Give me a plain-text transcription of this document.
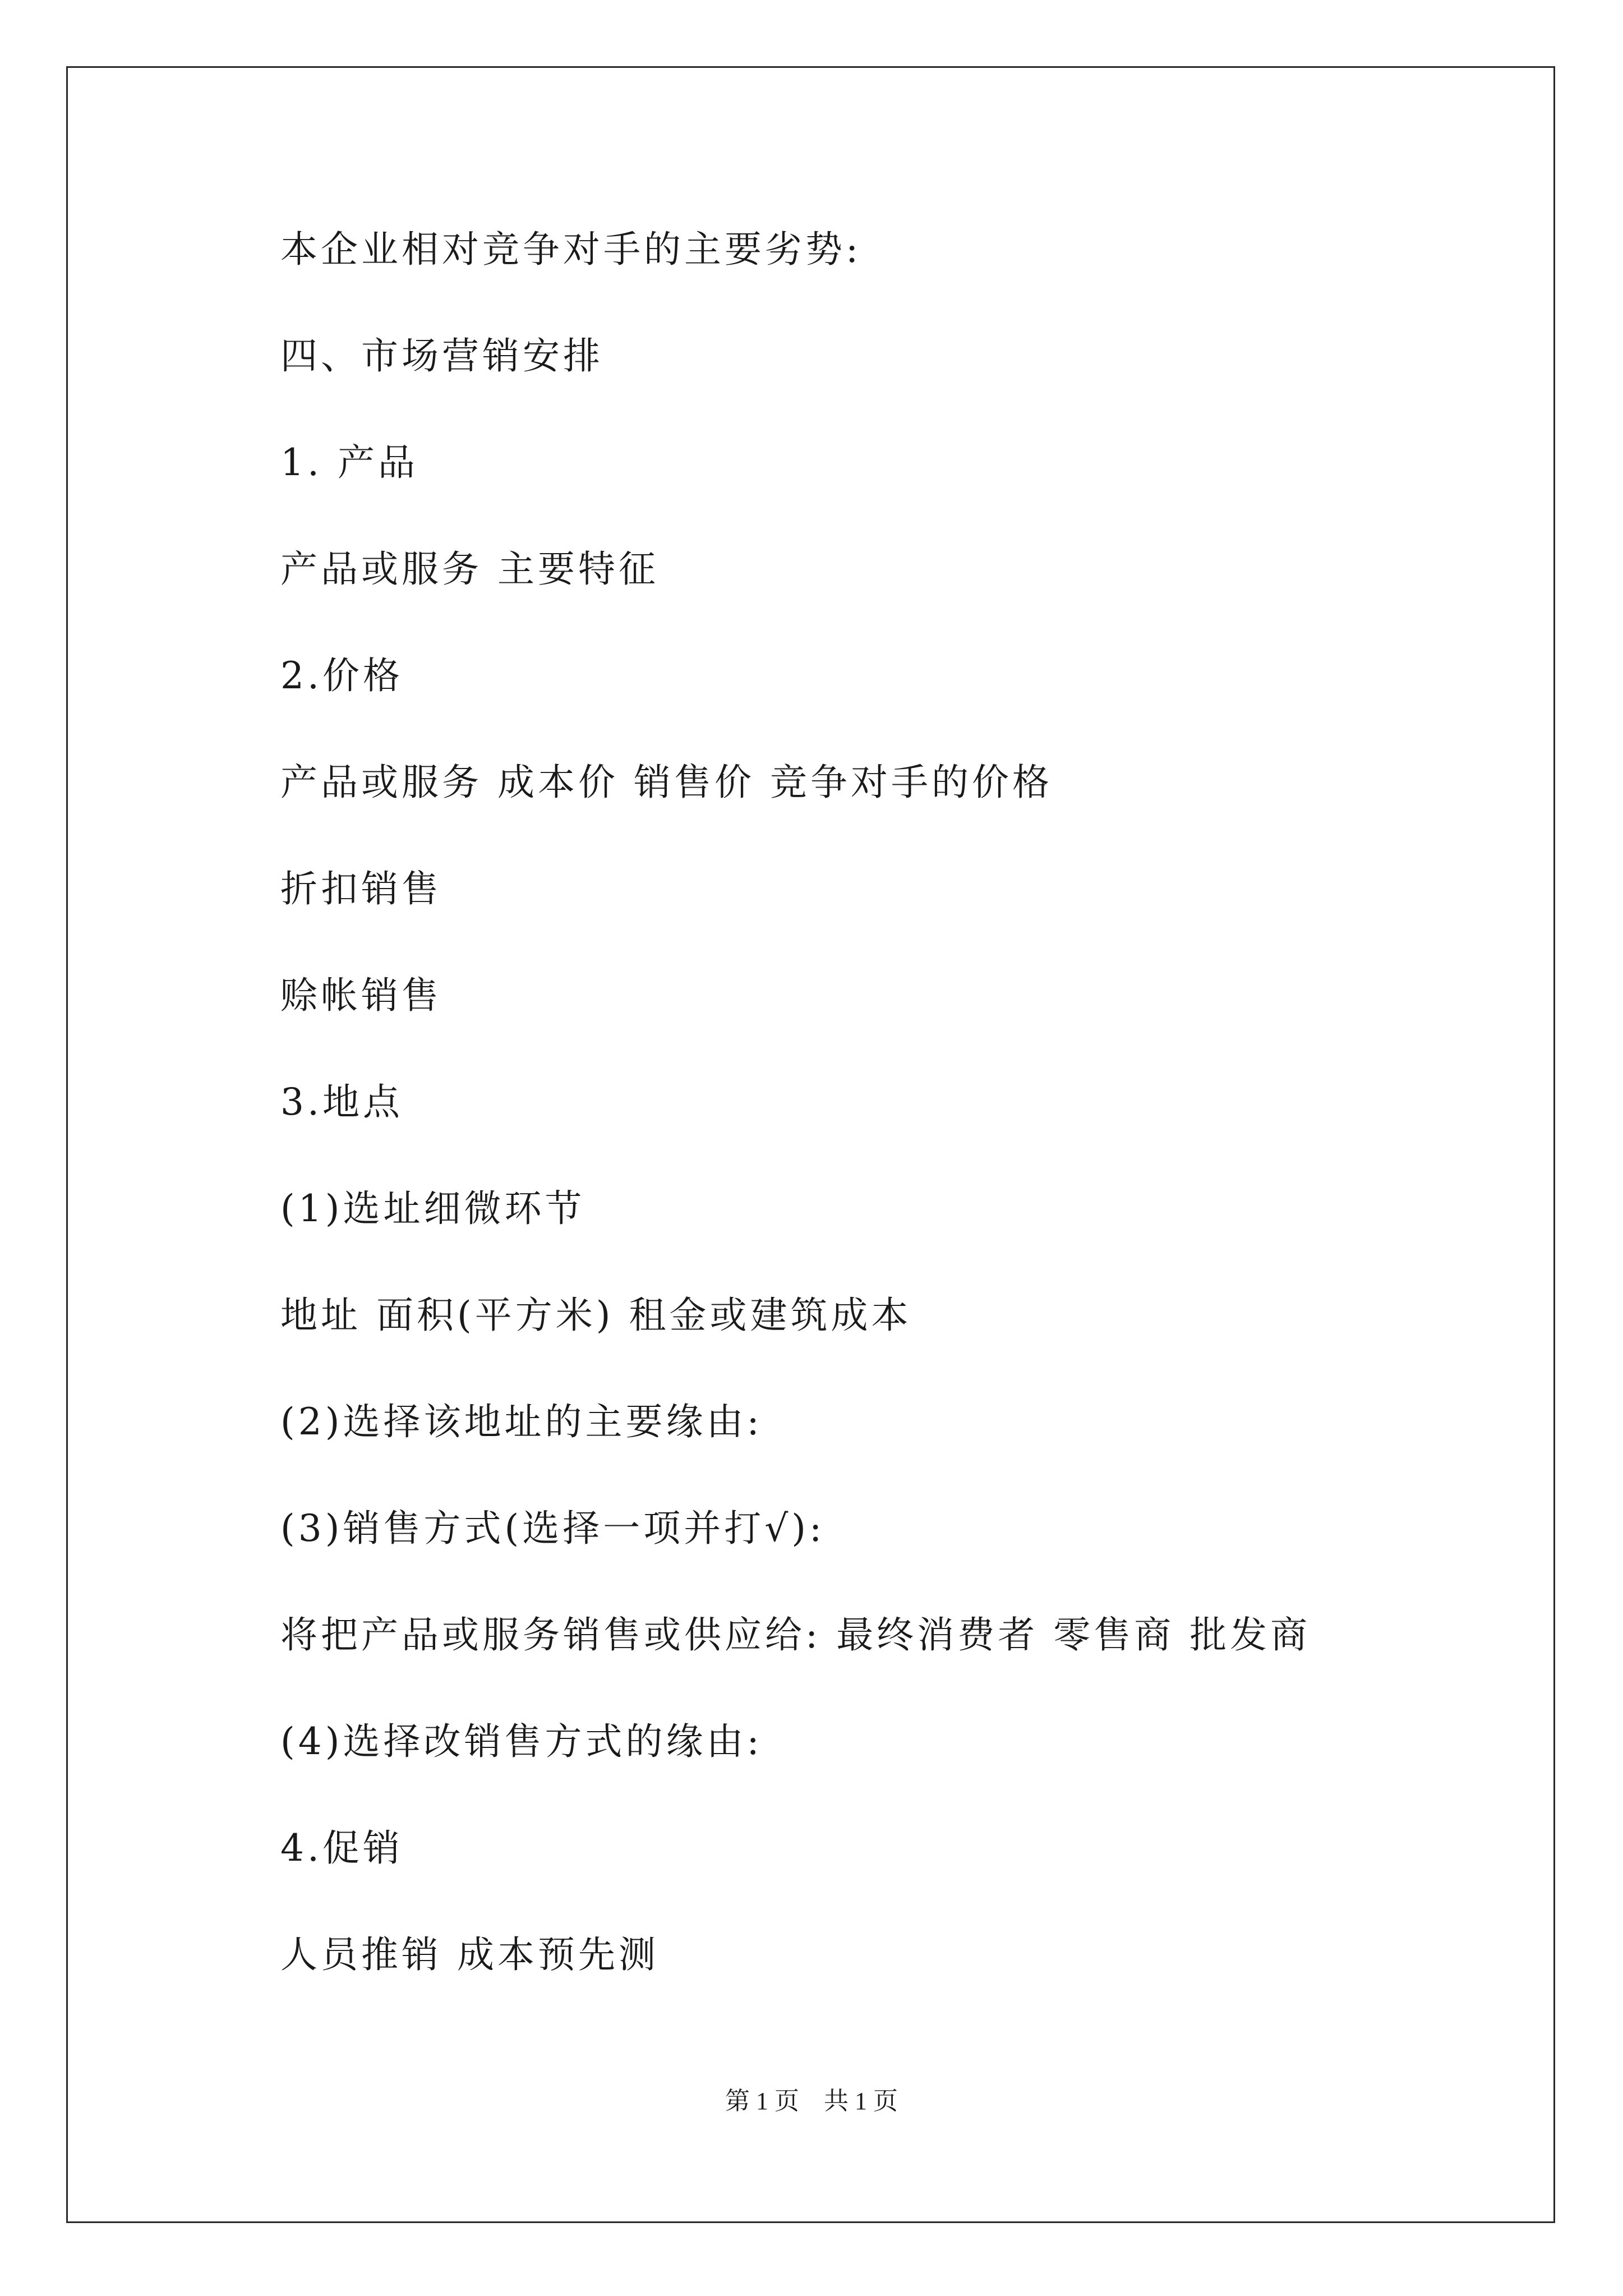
本企业相对竞争对手的主要劣势:
四、市场营销安排
1. 产品
产品或服务 主要特征
2.价格
产品或服务 成本价 销售价 竞争对手的价格
折扣销售
赊帐销售
3.地点
(1)选址细微环节
地址 面积(平方米) 租金或建筑成本
(2)选择该地址的主要缘由:
(3)销售方式(选择一项并打√):
将把产品或服务销售或供应给: 最终消费者 零售商 批发商
(4)选择改销售方式的缘由:
4.促销
人员推销 成本预先测
第 1 页　共 1 页
